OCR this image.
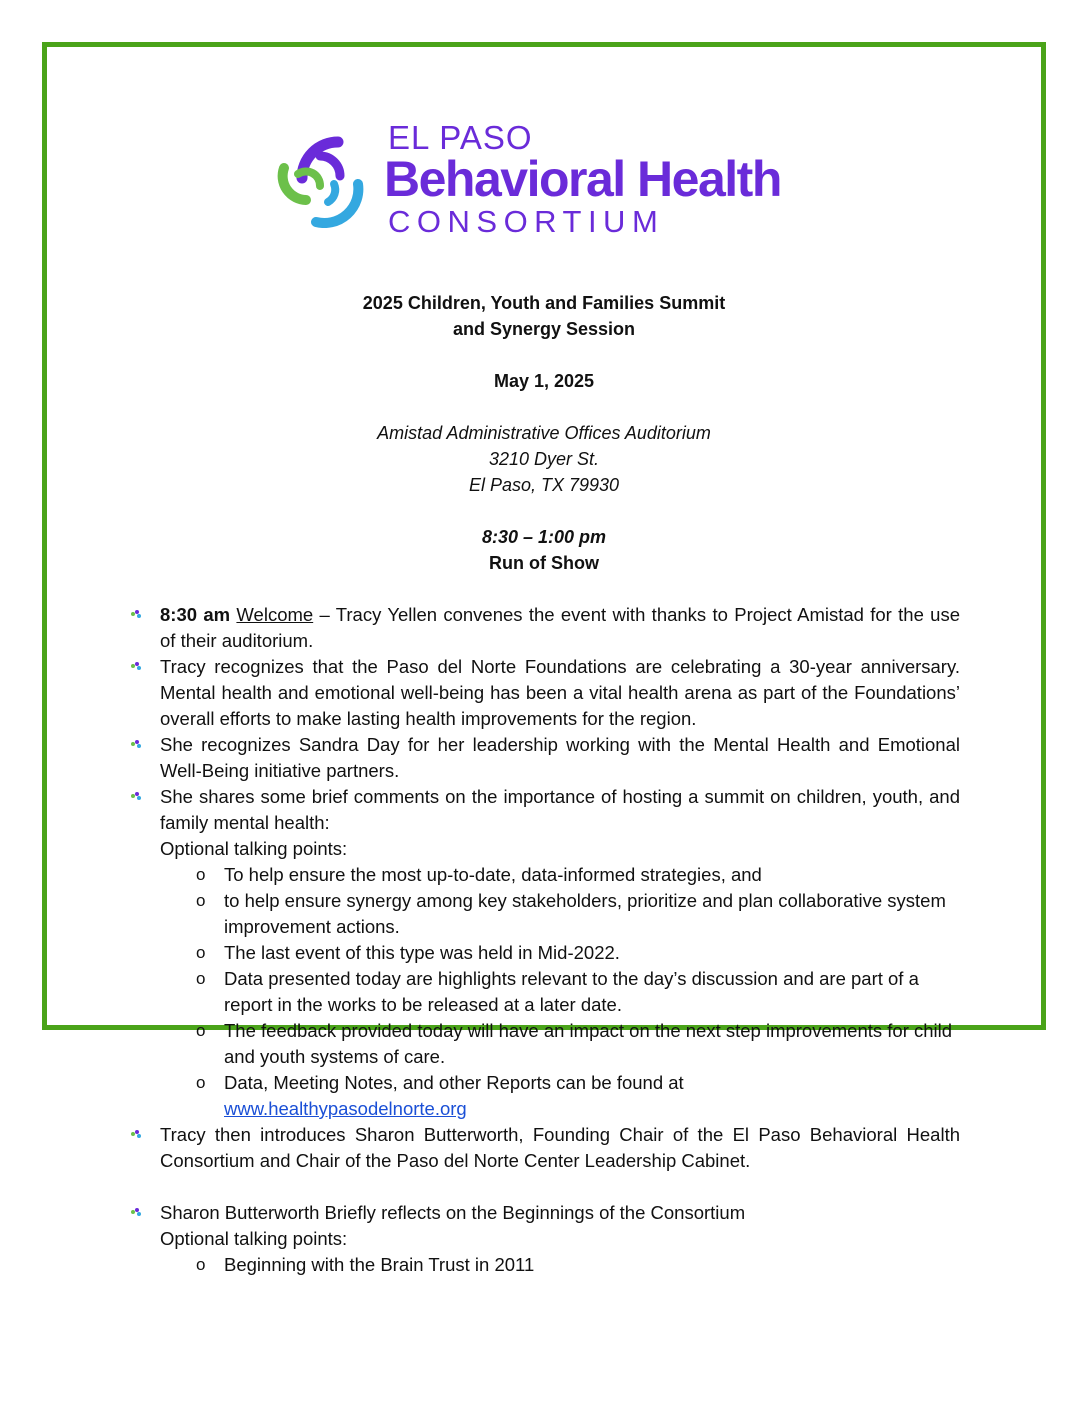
EL PASO
Behavioral Health
CONSORTIUM
2025 Children, Youth and Families Summit
and Synergy Session
May 1, 2025
Amistad Administrative Offices Auditorium
3210 Dyer St.
El Paso, TX 79930
8:30 – 1:00 pm
Run of Show
8:30 am Welcome – Tracy Yellen convenes the event with thanks to Project Amistad for the use of their auditorium.
Tracy recognizes that the Paso del Norte Foundations are celebrating a 30-year anniversary. Mental health and emotional well-being has been a vital health arena as part of the Foundations’ overall efforts to make lasting health improvements for the region.
She recognizes Sandra Day for her leadership working with the Mental Health and Emotional Well-Being initiative partners.
She shares some brief comments on the importance of hosting a summit on children, youth, and family mental health:
Optional talking points:
o To help ensure the most up-to-date, data-informed strategies, and
o to help ensure synergy among key stakeholders, prioritize and plan collaborative system improvement actions.
o The last event of this type was held in Mid-2022.
o Data presented today are highlights relevant to the day’s discussion and are part of a report in the works to be released at a later date.
o The feedback provided today will have an impact on the next step improvements for child and youth systems of care.
o Data, Meeting Notes, and other Reports can be found at
www.healthypasodelnorte.org
Tracy then introduces Sharon Butterworth, Founding Chair of the El Paso Behavioral Health Consortium and Chair of the Paso del Norte Center Leadership Cabinet.
Sharon Butterworth Briefly reflects on the Beginnings of the Consortium
Optional talking points:
o Beginning with the Brain Trust in 2011
